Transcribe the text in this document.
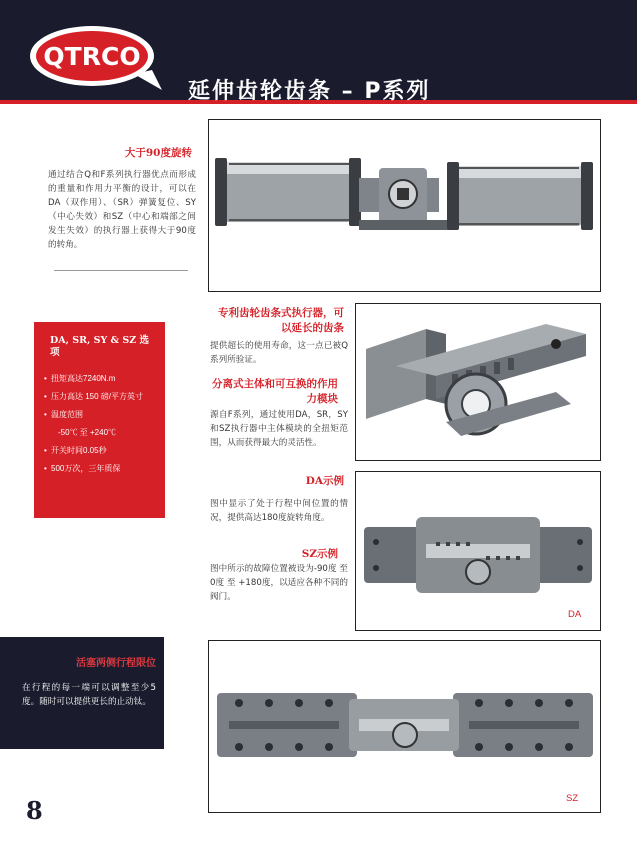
QTRCO
延伸齿轮齿条 – P系列
大于90度旋转
通过结合Q和F系列执行器优点而形成的重量和作用力平衡的设计，可以在DA（双作用）、（SR）弹簧复位、SY（中心失效）和SZ（中心和端部之间发生失效）的执行器上获得大于90度的转角。
DA, SR, SY & SZ 选项
• 扭矩高达7240N.m
• 压力高达 150 磅/平方英寸
• 温度范围
-50℃ 至 +240℃
• 开关时间0.05秒
• 500万次，三年质保
专利齿轮齿条式执行器，可以延长的齿条
提供超长的使用寿命，这一点已被Q系列所验证。
分离式主体和可互换的作用力模块
源自F系列，通过使用DA，SR，SY和SZ执行器中主体模块的全扭矩范围，从而获得最大的灵活性。
DA示例
图中显示了处于行程中间位置的情况，提供高达180度旋转角度。
SZ示例
图中所示的故障位置被设为-90度 至 0度 至 +180度，以适应各种不同的阀门。
DA
活塞两侧行程限位
在行程的每一端可以调整至少5度。随时可以提供更长的止动钛。
SZ
8
